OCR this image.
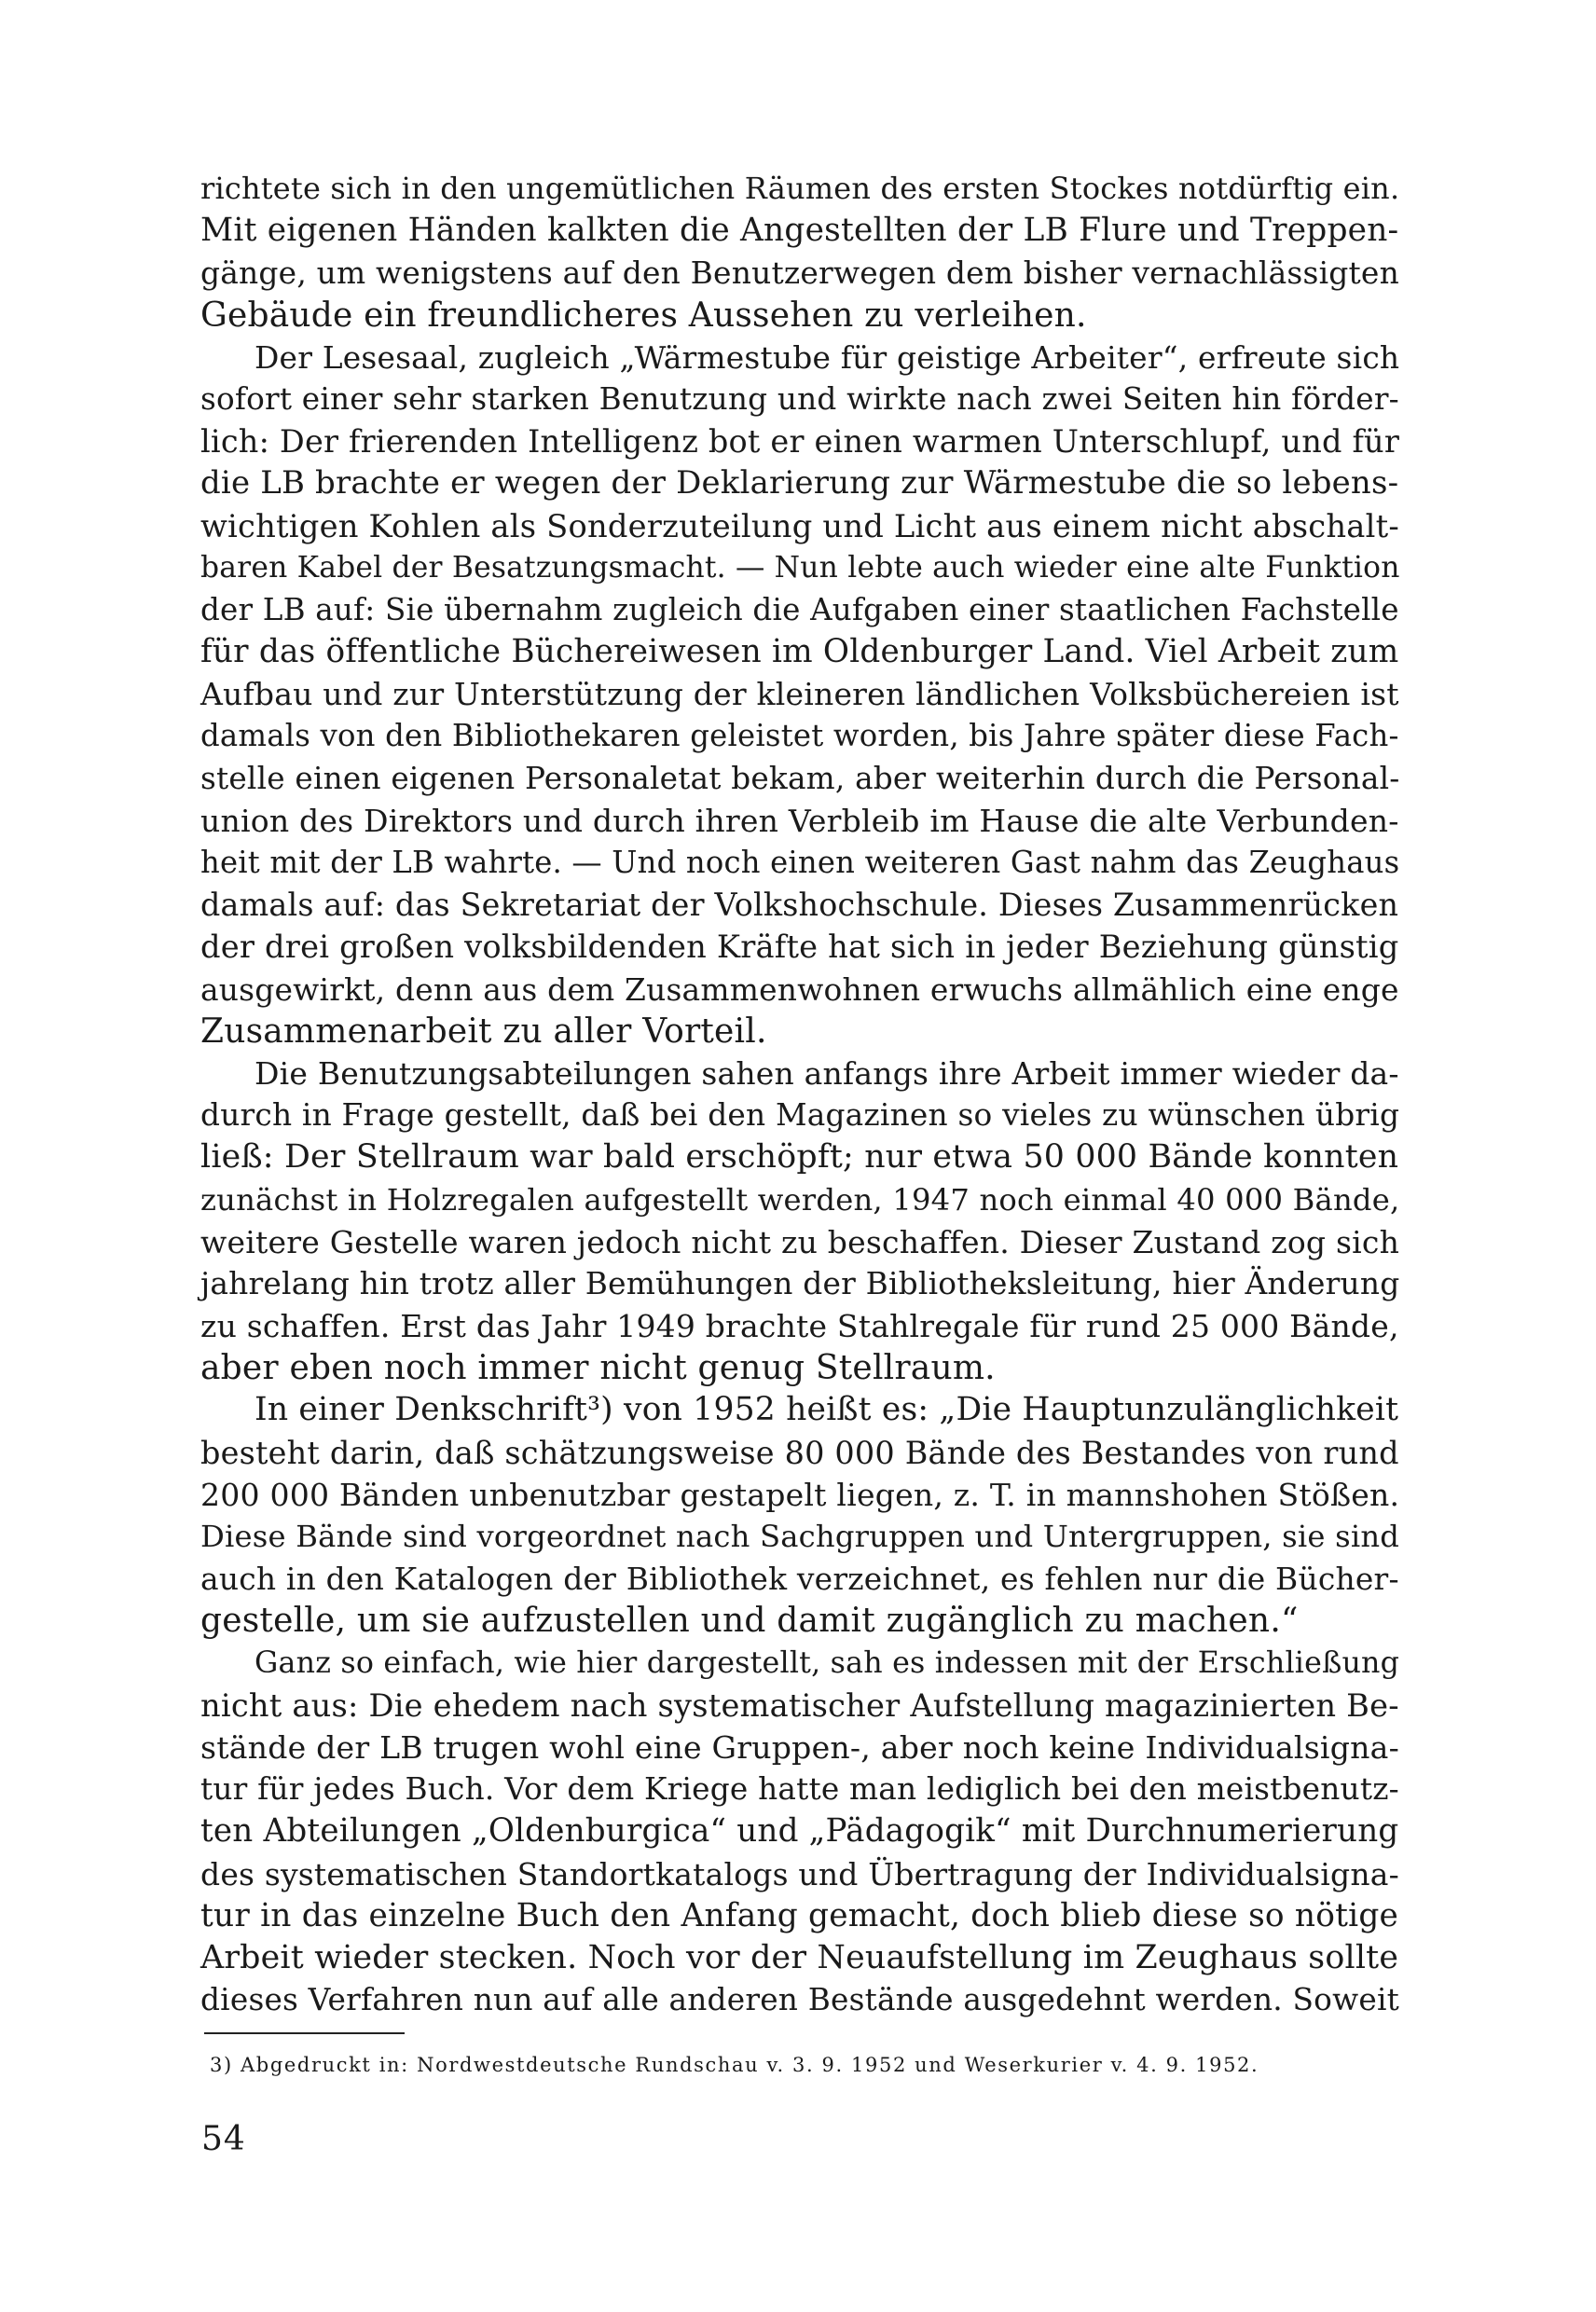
richtete sich in den ungemütlichen Räumen des ersten Stockes notdürftig ein.
Mit eigenen Händen kalkten die Angestellten der LB Flure und Treppen-
gänge, um wenigstens auf den Benutzerwegen dem bisher vernachlässigten
Gebäude ein freundlicheres Aussehen zu verleihen.
Der Lesesaal, zugleich „Wärmestube für geistige Arbeiter“, erfreute sich
sofort einer sehr starken Benutzung und wirkte nach zwei Seiten hin förder-
lich: Der frierenden Intelligenz bot er einen warmen Unterschlupf, und für
die LB brachte er wegen der Deklarierung zur Wärmestube die so lebens-
wichtigen Kohlen als Sonderzuteilung und Licht aus einem nicht abschalt-
baren Kabel der Besatzungsmacht. — Nun lebte auch wieder eine alte Funktion
der LB auf: Sie übernahm zugleich die Aufgaben einer staatlichen Fachstelle
für das öffentliche Büchereiwesen im Oldenburger Land. Viel Arbeit zum
Aufbau und zur Unterstützung der kleineren ländlichen Volksbüchereien ist
damals von den Bibliothekaren geleistet worden, bis Jahre später diese Fach-
stelle einen eigenen Personaletat bekam, aber weiterhin durch die Personal-
union des Direktors und durch ihren Verbleib im Hause die alte Verbunden-
heit mit der LB wahrte. — Und noch einen weiteren Gast nahm das Zeughaus
damals auf: das Sekretariat der Volkshochschule. Dieses Zusammenrücken
der drei großen volksbildenden Kräfte hat sich in jeder Beziehung günstig
ausgewirkt, denn aus dem Zusammenwohnen erwuchs allmählich eine enge
Zusammenarbeit zu aller Vorteil.
Die Benutzungsabteilungen sahen anfangs ihre Arbeit immer wieder da-
durch in Frage gestellt, daß bei den Magazinen so vieles zu wünschen übrig
ließ: Der Stellraum war bald erschöpft; nur etwa 50 000 Bände konnten
zunächst in Holzregalen aufgestellt werden, 1947 noch einmal 40 000 Bände,
weitere Gestelle waren jedoch nicht zu beschaffen. Dieser Zustand zog sich
jahrelang hin trotz aller Bemühungen der Bibliotheksleitung, hier Änderung
zu schaffen. Erst das Jahr 1949 brachte Stahlregale für rund 25 000 Bände,
aber eben noch immer nicht genug Stellraum.
In einer Denkschrift³) von 1952 heißt es: „Die Hauptunzulänglichkeit
besteht darin, daß schätzungsweise 80 000 Bände des Bestandes von rund
200 000 Bänden unbenutzbar gestapelt liegen, z. T. in mannshohen Stößen.
Diese Bände sind vorgeordnet nach Sachgruppen und Untergruppen, sie sind
auch in den Katalogen der Bibliothek verzeichnet, es fehlen nur die Bücher-
gestelle, um sie aufzustellen und damit zugänglich zu machen.“
Ganz so einfach, wie hier dargestellt, sah es indessen mit der Erschließung
nicht aus: Die ehedem nach systematischer Aufstellung magazinierten Be-
stände der LB trugen wohl eine Gruppen-, aber noch keine Individualsigna-
tur für jedes Buch. Vor dem Kriege hatte man lediglich bei den meistbenutz-
ten Abteilungen „Oldenburgica“ und „Pädagogik“ mit Durchnumerierung
des systematischen Standortkatalogs und Übertragung der Individualsigna-
tur in das einzelne Buch den Anfang gemacht, doch blieb diese so nötige
Arbeit wieder stecken. Noch vor der Neuaufstellung im Zeughaus sollte
dieses Verfahren nun auf alle anderen Bestände ausgedehnt werden. Soweit
3) Abgedruckt in: Nordwestdeutsche Rundschau v. 3. 9. 1952 und Weserkurier v. 4. 9. 1952.
54
